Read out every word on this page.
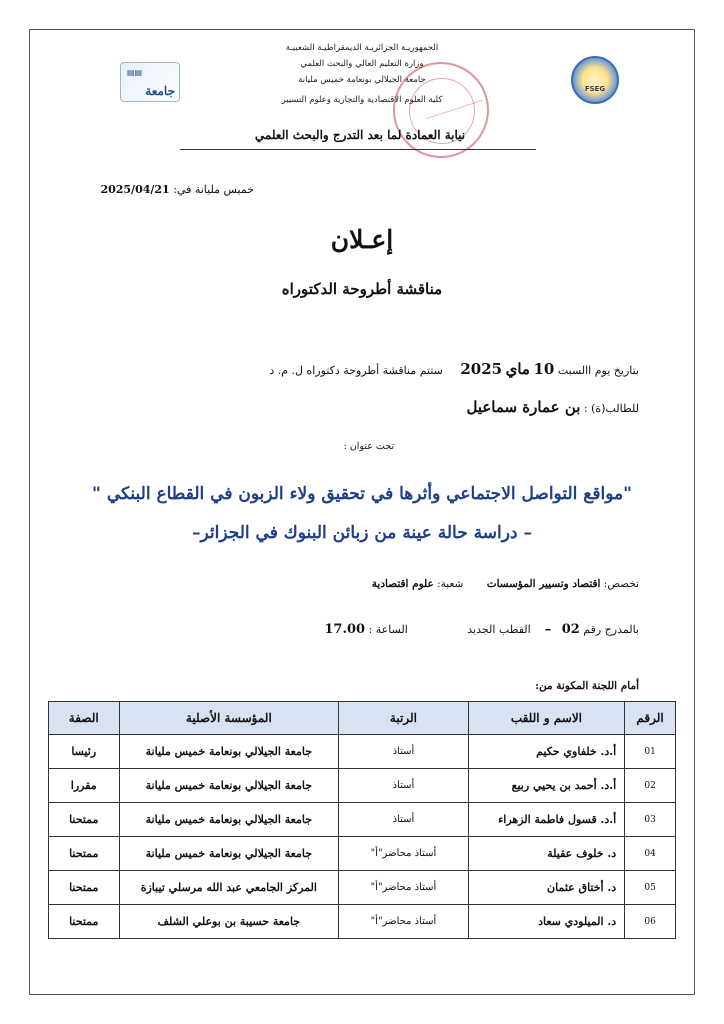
الجمهوريـة الجزائريـة الديمقراطيـة الشعبيـة
وزارة التعليم العالي والبحث العلمي
جامعة الجيلالي بونعامة خميس مليانة
كلية العلوم الاقتصادية والتجارية وعلوم التسيير
▤▤
جامعة	FSEG
نيابة العمادة لما بعد التدرج والبحث العلمي
خميس مليانة في: 2025/04/21
إعـلان
مناقشة أطروحة الدكتوراه
بتاريخ يوم االسبت 10 ماي 2025     ستتم مناقشة أطروحة دكتوراه ل. م. د
للطالب(ة) : بن عمارة سماعيل
تحت عنوان :
"مواقع التواصل الاجتماعي وأثرها في تحقيق ولاء الزبون في القطاع البنكي "
– دراسة حالة عينة من زبائن البنوك في الجزائر–
تخصص: اقتصاد وتسيير المؤسسات       شعبة: علوم اقتصادية
بالمدرج رقم 02   –    القطب الجديد                 الساعة : 17.00
أمام اللجنة المكونة من:
الرقم	الاسم و اللقب	الرتبة	المؤسسة الأصلية	الصفة
01	أ.د. خلفاوي حكيم	أستاذ	جامعة الجيلالي بونعامة خميس مليانة	رئيسا
02	أ.د. أحمد بن يحيي ربيع	أستاذ	جامعة الجيلالي بونعامة خميس مليانة	مقررا
03	أ.د. قسول فاطمة الزهراء	أستاذ	جامعة الجيلالي بونعامة خميس مليانة	ممتحنا
04	د. خلوف عقيلة	أستاذ محاضر"أ"	جامعة الجيلالي بونعامة خميس مليانة	ممتحنا
05	د. أختاق عثمان	أستاذ محاضر"أ"	المركز الجامعي عبد الله مرسلي تيبازة	ممتحنا
06	د. الميلودي سعاد	أستاذ محاضر"أ"	جامعة حسيبة بن بوعلي الشلف	ممتحنا
